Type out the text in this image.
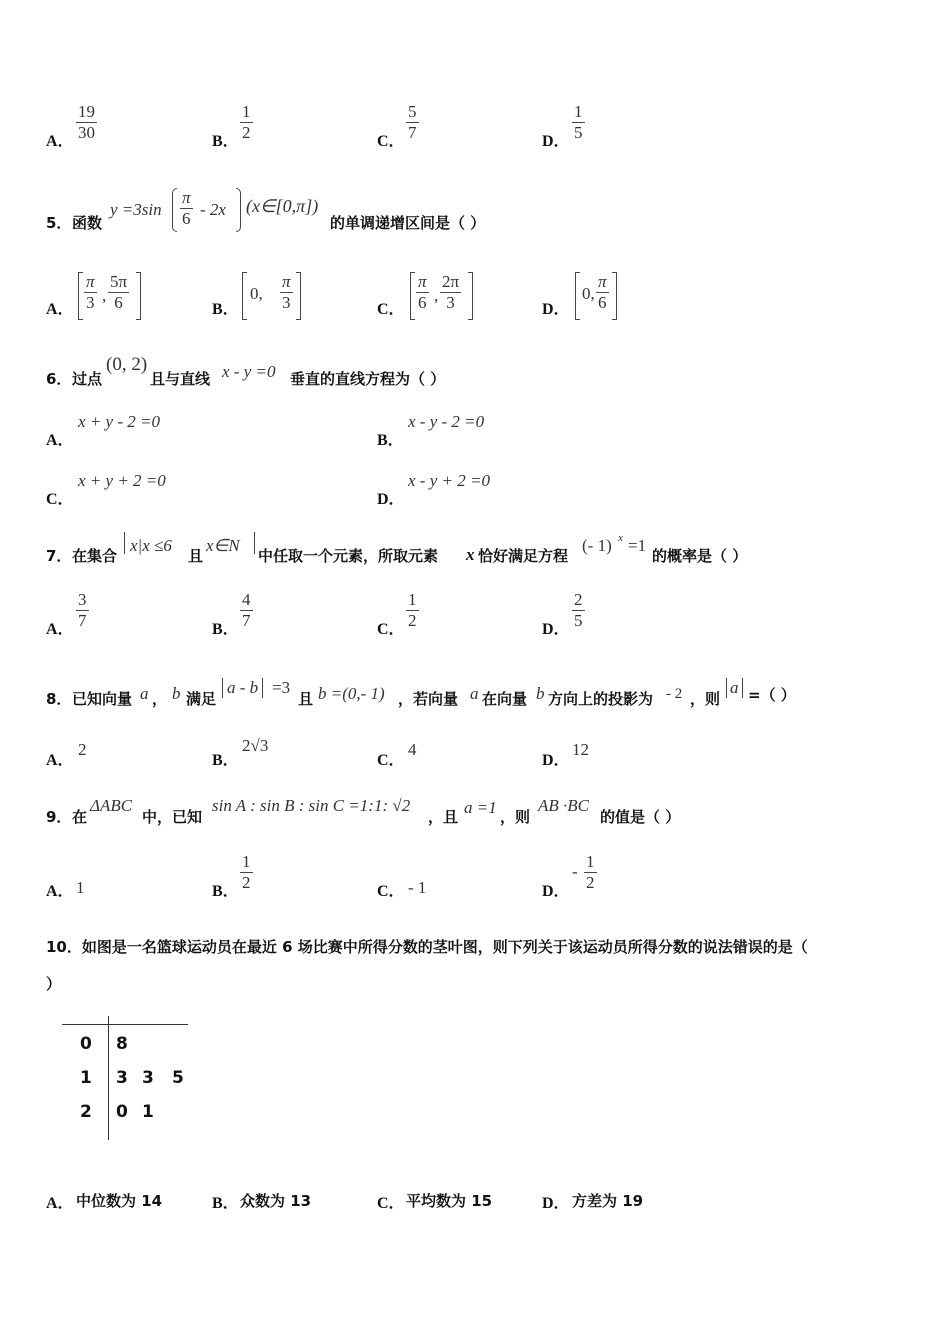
A．
19
30	B．
1
2	C．
5
7	D．
1
5
5． 函数
y =3sin
π
6 - 2x (x∈[0,π])
的单调递增区间是（ ）
A．
π
3 ,
5π
6	B．
0,
π
3	C．
π
6 ,
2π
3	D．
0,
π
6
6． 过点
(0, 2)
且与直线 x - y =0 垂直的直线方程为（ ）
A．
x + y - 2 =0
B．
x - y - 2 =0
C．
x + y + 2 =0
D．
x - y + 2 =0
7． 在集合
x|x ≤6
且
x∈N
中任取一个元素，所取元素 x 恰好满足方程
(- 1) x =1
的概率是（ ）
A．
3
7	B．
4
7	C．
1
2	D．
2
5
8． 已知向量 a ， b 满足
a - b =3
且 b =(0,- 1) ，若向量 a 在向量 b 方向上的投影为 - 2 ，则
a =（ ）
A．
2
B．
2√3
C．
4
D．
12
9． 在
ΔABC
中，已知
sin A : sin B : sin C =1:1: √2
，且 a =1 ，则
AB ·BC
的值是（ ）
A． 1	B．
1
2	C． - 1	D．
-
1
2
10．如图是一名篮球运动员在最近 6 场比赛中所得分数的茎叶图，则下列关于该运动员所得分数的说法错误的是（
）
0 8
1 3 3 5
2 0 1
A． 中位数为 14	B． 众数为 13	C． 平均数为 15	D． 方差为 19
